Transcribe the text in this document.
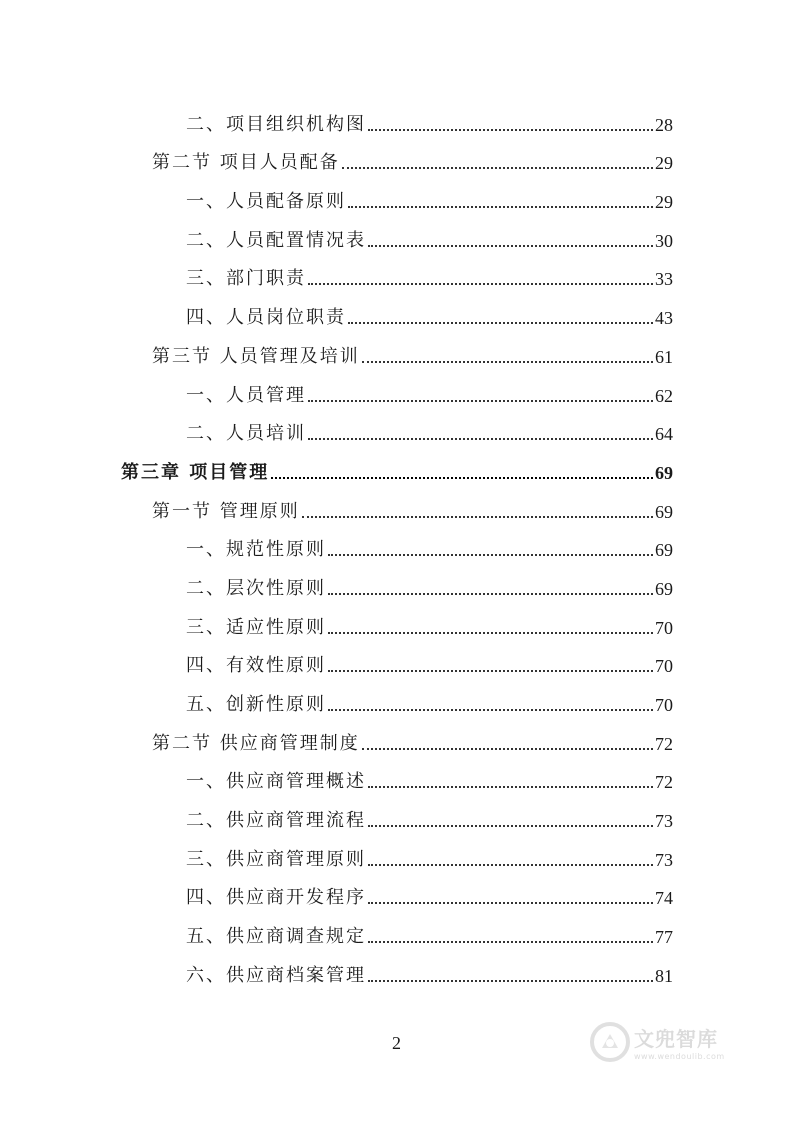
二、项目组织机构图	28
第二节 项目人员配备	29
一、人员配备原则	29
二、人员配置情况表	30
三、部门职责	33
四、人员岗位职责	43
第三节 人员管理及培训	61
一、人员管理	62
二、人员培训	64
第三章 项目管理	69
第一节 管理原则	69
一、规范性原则	69
二、层次性原则	69
三、适应性原则	70
四、有效性原则	70
五、创新性原则	70
第二节 供应商管理制度	72
一、供应商管理概述	72
二、供应商管理流程	73
三、供应商管理原则	73
四、供应商开发程序	74
五、供应商调查规定	77
六、供应商档案管理	81
2	文兜智库
www.wendoulib.com
